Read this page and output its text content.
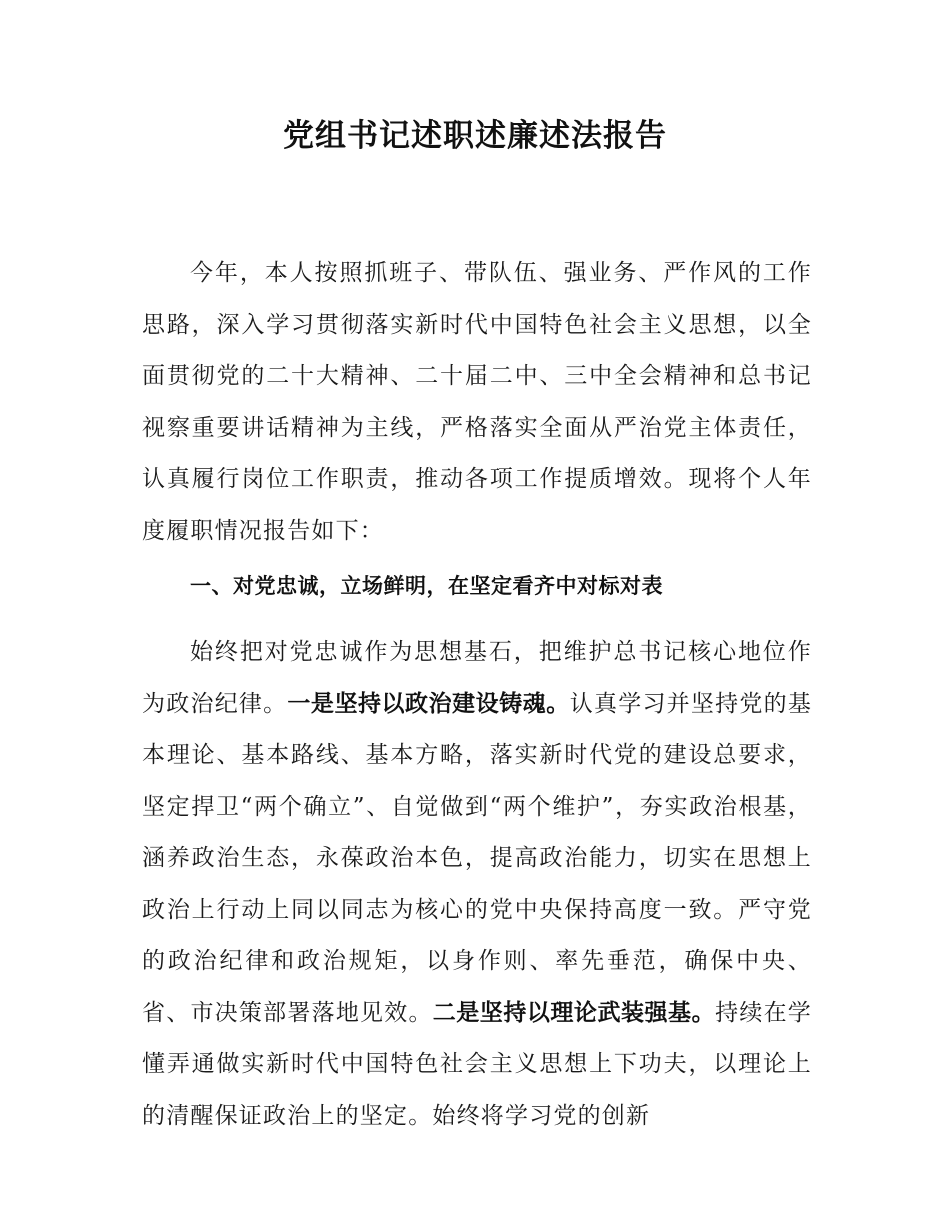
党组书记述职述廉述法报告

今年，本人按照抓班子、带队伍、强业务、严作风的工作思路，深入学习贯彻落实新时代中国特色社会主义思想，以全面贯彻党的二十大精神、二十届二中、三中全会精神和总书记视察重要讲话精神为主线，严格落实全面从严治党主体责任，认真履行岗位工作职责，推动各项工作提质增效。现将个人年度履职情况报告如下：

一、对党忠诚，立场鲜明，在坚定看齐中对标对表

始终把对党忠诚作为思想基石，把维护总书记核心地位作为政治纪律。一是坚持以政治建设铸魂。认真学习并坚持党的基本理论、基本路线、基本方略，落实新时代党的建设总要求，坚定捍卫“两个确立”、自觉做到“两个维护”，夯实政治根基，涵养政治生态，永葆政治本色，提高政治能力，切实在思想上政治上行动上同以同志为核心的党中央保持高度一致。严守党的政治纪律和政治规矩，以身作则、率先垂范，确保中央、省、市决策部署落地见效。二是坚持以理论武装强基。持续在学懂弄通做实新时代中国特色社会主义思想上下功夫，以理论上的清醒保证政治上的坚定。始终将学习党的创新
